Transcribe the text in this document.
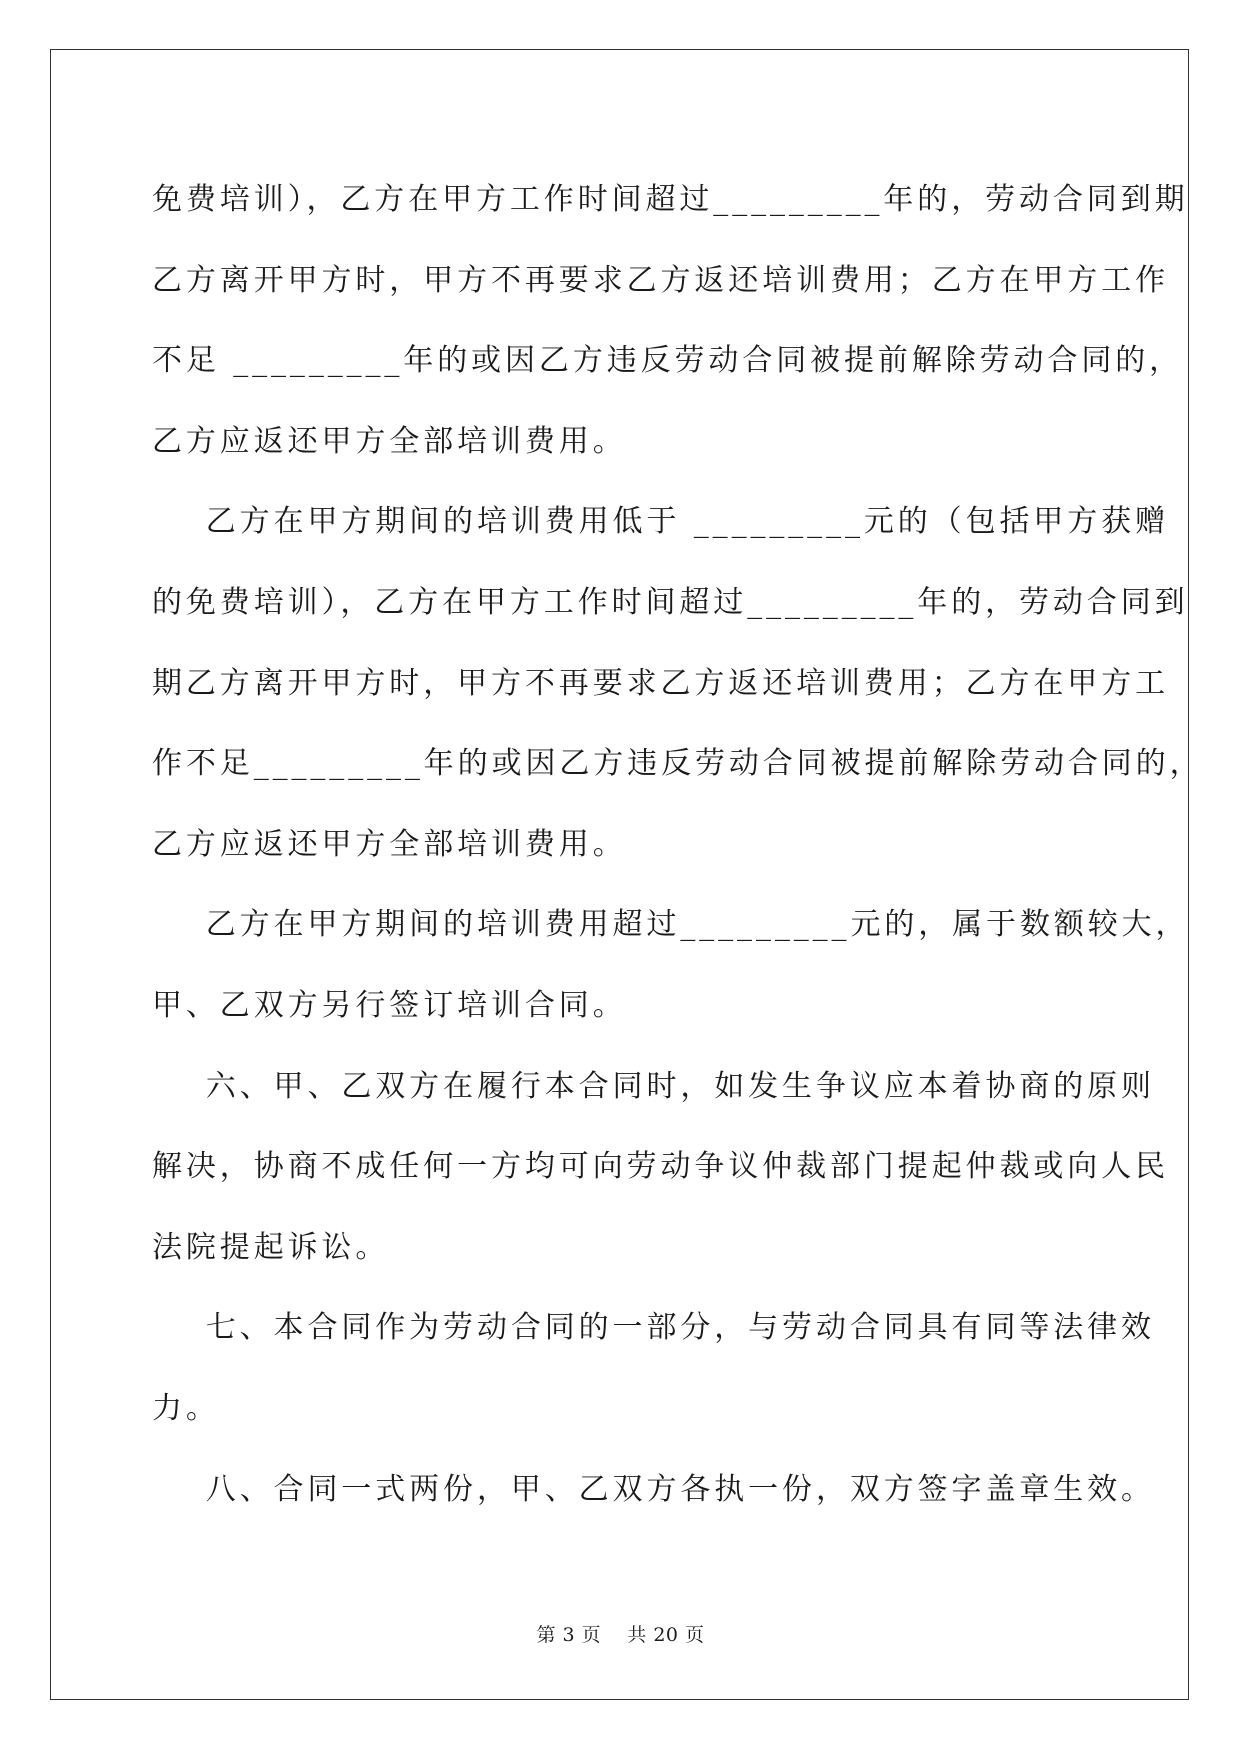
免费培训），乙方在甲方工作时间超过_________年的，劳动合同到期

乙方离开甲方时，甲方不再要求乙方返还培训费用；乙方在甲方工作

不足 _________年的或因乙方违反劳动合同被提前解除劳动合同的，

乙方应返还甲方全部培训费用。

乙方在甲方期间的培训费用低于 _________元的（包括甲方获赠

的免费培训），乙方在甲方工作时间超过_________年的，劳动合同到

期乙方离开甲方时，甲方不再要求乙方返还培训费用；乙方在甲方工

作不足_________年的或因乙方违反劳动合同被提前解除劳动合同的，

乙方应返还甲方全部培训费用。

乙方在甲方期间的培训费用超过_________元的，属于数额较大，

甲、乙双方另行签订培训合同。

六、甲、乙双方在履行本合同时，如发生争议应本着协商的原则

解决，协商不成任何一方均可向劳动争议仲裁部门提起仲裁或向人民

法院提起诉讼。

七、本合同作为劳动合同的一部分，与劳动合同具有同等法律效

力。

八、合同一式两份，甲、乙双方各执一份，双方签字盖章生效。

第 3 页    共 20 页
